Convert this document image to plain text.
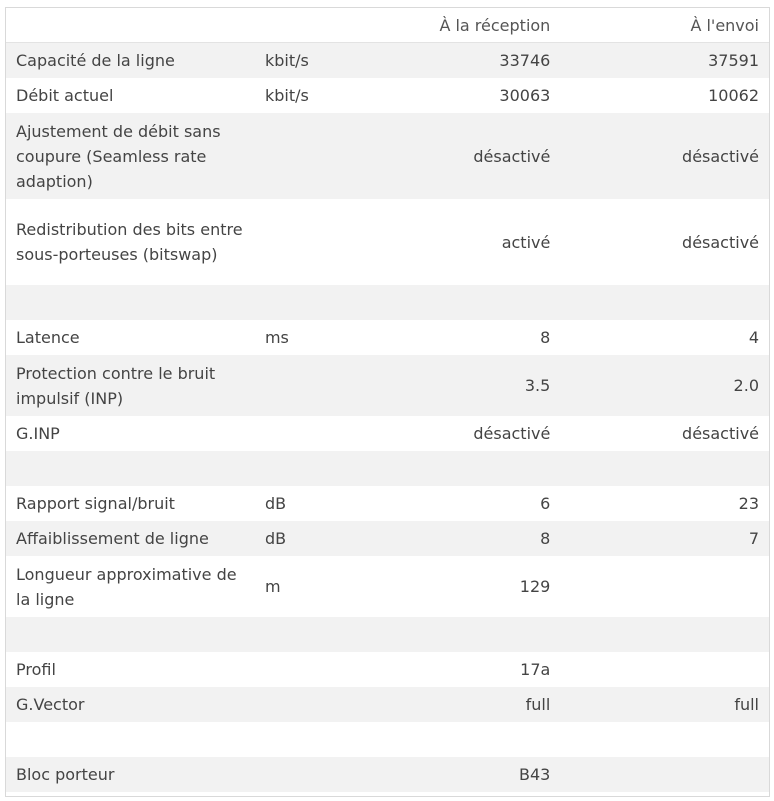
		À la réception	À l'envoi
Capacité de la ligne	kbit/s	33746	37591
Débit actuel	kbit/s	30063	10062
Ajustement de débit sans coupure (Seamless rate adaption)		désactivé	désactivé
Redistribution des bits entre sous-porteuses (bitswap)		activé	désactivé

Latence	ms	8	4
Protection contre le bruit impulsif (INP)		3.5	2.0
G.INP		désactivé	désactivé

Rapport signal/bruit	dB	6	23
Affaiblissement de ligne	dB	8	7
Longueur approximative de la ligne	m	129	

Profil		17a	
G.Vector		full	full

Bloc porteur		B43	
